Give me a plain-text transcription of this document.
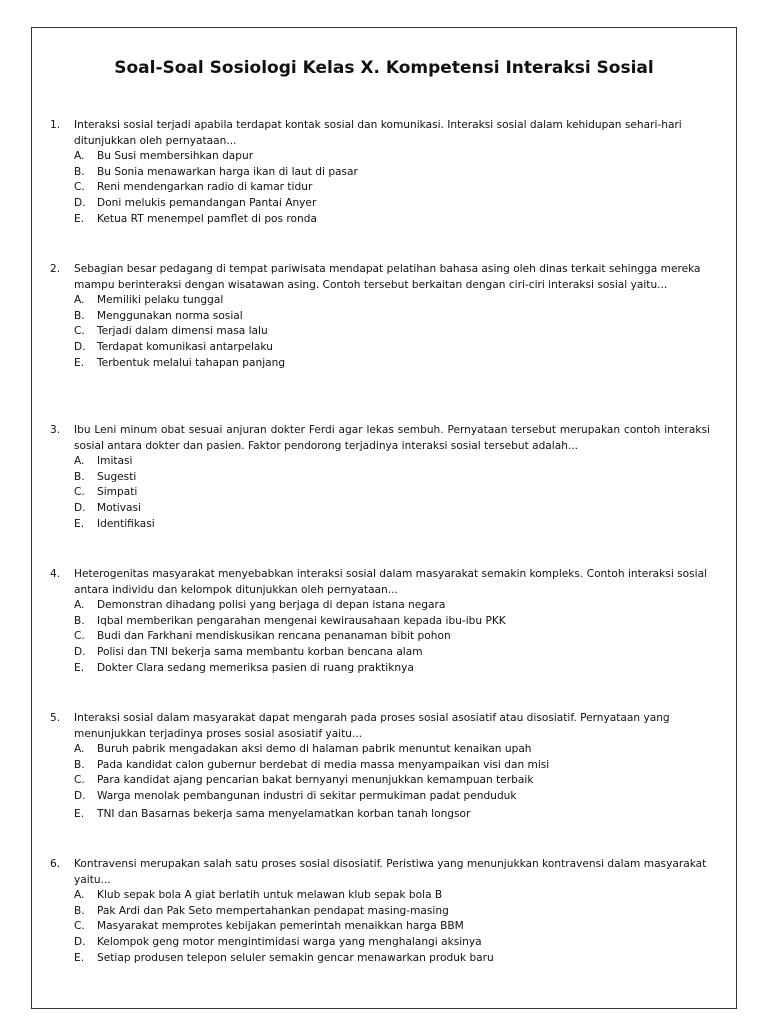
Soal-Soal Sosiologi Kelas X. Kompetensi Interaksi Sosial
1.	Interaksi sosial terjadi apabila terdapat kontak sosial dan komunikasi. Interaksi sosial dalam kehidupan sehari-hari ditunjukkan oleh pernyataan...
A.	Bu Susi membersihkan dapur
B.	Bu Sonia menawarkan harga ikan di laut di pasar
C.	Reni mendengarkan radio di kamar tidur
D.	Doni melukis pemandangan Pantai Anyer
E.	Ketua RT menempel pamflet di pos ronda
2.	Sebagian besar pedagang di tempat pariwisata mendapat pelatihan bahasa asing oleh dinas terkait sehingga mereka mampu berinteraksi dengan wisatawan asing. Contoh tersebut berkaitan dengan ciri-ciri interaksi sosial yaitu...
A.	Memiliki pelaku tunggal
B.	Menggunakan norma sosial
C.	Terjadi dalam dimensi masa lalu
D.	Terdapat komunikasi antarpelaku
E.	Terbentuk melalui tahapan panjang
3.	Ibu Leni minum obat sesuai anjuran dokter Ferdi agar lekas sembuh. Pernyataan tersebut merupakan contoh interaksi sosial antara dokter dan pasien. Faktor pendorong terjadinya interaksi sosial tersebut adalah...
A.	Imitasi
B.	Sugesti
C.	Simpati
D.	Motivasi
E.	Identifikasi
4.	Heterogenitas masyarakat menyebabkan interaksi sosial dalam masyarakat semakin kompleks. Contoh interaksi sosial antara individu dan kelompok ditunjukkan oleh pernyataan...
A.	Demonstran dihadang polisi yang berjaga di depan istana negara
B.	Iqbal memberikan pengarahan mengenai kewirausahaan kepada ibu-ibu PKK
C.	Budi dan Farkhani mendiskusikan rencana penanaman bibit pohon
D.	Polisi dan TNI bekerja sama membantu korban bencana alam
E.	Dokter Clara sedang memeriksa pasien di ruang praktiknya
5.	Interaksi sosial dalam masyarakat dapat mengarah pada proses sosial asosiatif atau disosiatif. Pernyataan yang menunjukkan terjadinya proses sosial asosiatif yaitu...
A.	Buruh pabrik mengadakan aksi demo di halaman pabrik menuntut kenaikan upah
B.	Pada kandidat calon gubernur berdebat di media massa menyampaikan visi dan misi
C.	Para kandidat ajang pencarian bakat bernyanyi menunjukkan kemampuan terbaik
D.	Warga menolak pembangunan industri di sekitar permukiman padat penduduk
E.	TNI dan Basarnas bekerja sama menyelamatkan korban tanah longsor
6.	Kontravensi merupakan salah satu proses sosial disosiatif. Peristiwa yang menunjukkan kontravensi dalam masyarakat yaitu...
A.	Klub sepak bola A giat berlatih untuk melawan klub sepak bola B
B.	Pak Ardi dan Pak Seto mempertahankan pendapat masing-masing
C.	Masyarakat memprotes kebijakan pemerintah menaikkan harga BBM
D.	Kelompok geng motor mengintimidasi warga yang menghalangi aksinya
E.	Setiap produsen telepon seluler semakin gencar menawarkan produk baru
